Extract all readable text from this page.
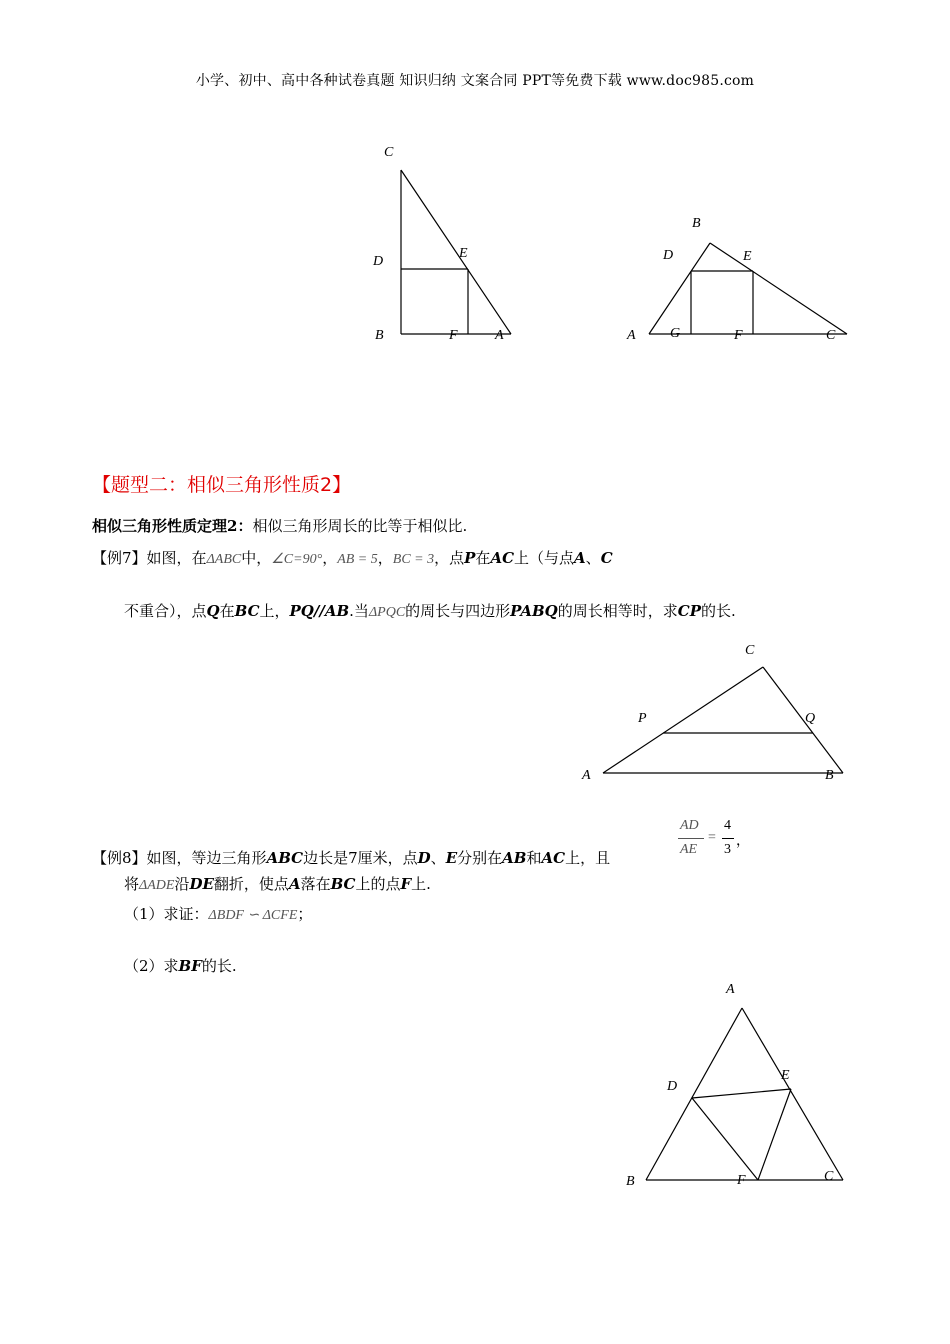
小学、初中、高中各种试卷真题 知识归纳 文案合同 PPT等免费下载 www.doc985.com
C
D
E
B	F	A
B
D	E
A G	F	C
【题型二：相似三角形性质2】
相似三角形性质定理2：相似三角形周长的比等于相似比.
【例7】如图，在ΔABC中，∠C=90°，AB = 5，BC = 3，点P在AC上（与点A、C
不重合），点Q在BC上，PQ//AB.当ΔPQC的周长与四边形PABQ的周长相等时，求CP的长.
C
P	Q
A	B
【例8】如图，等边三角形ABC边长是7厘米，点D、E分别在AB和AC上，且
AD
AE
=
4
3
，
将ΔADE沿DE翻折，使点A落在BC上的点F上.
（1）求证：ΔBDF ∽ ΔCFE；
（2）求BF的长.
A
D
E
B	F	C
